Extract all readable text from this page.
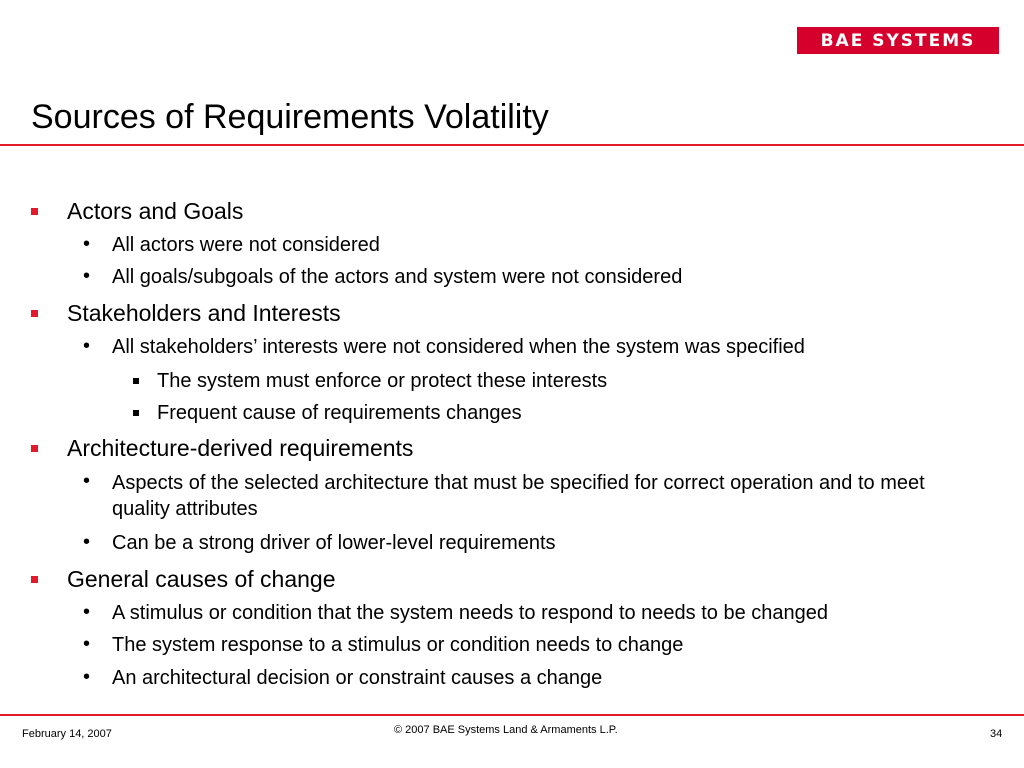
BAE SYSTEMS
Sources of Requirements Volatility
Actors and Goals
• All actors were not considered
• All goals/subgoals of the actors and system were not considered
Stakeholders and Interests
• All stakeholders’ interests were not considered when the system was specified
The system must enforce or protect these interests
Frequent cause of requirements changes
Architecture-derived requirements
• Aspects of the selected architecture that must be specified for correct operation and to meet quality attributes
• Can be a strong driver of lower-level requirements
General causes of change
• A stimulus or condition that the system needs to respond to needs to be changed
• The system response to a stimulus or condition needs to change
• An architectural decision or constraint causes a change
February 14, 2007	© 2007 BAE Systems Land & Armaments L.P.	34
